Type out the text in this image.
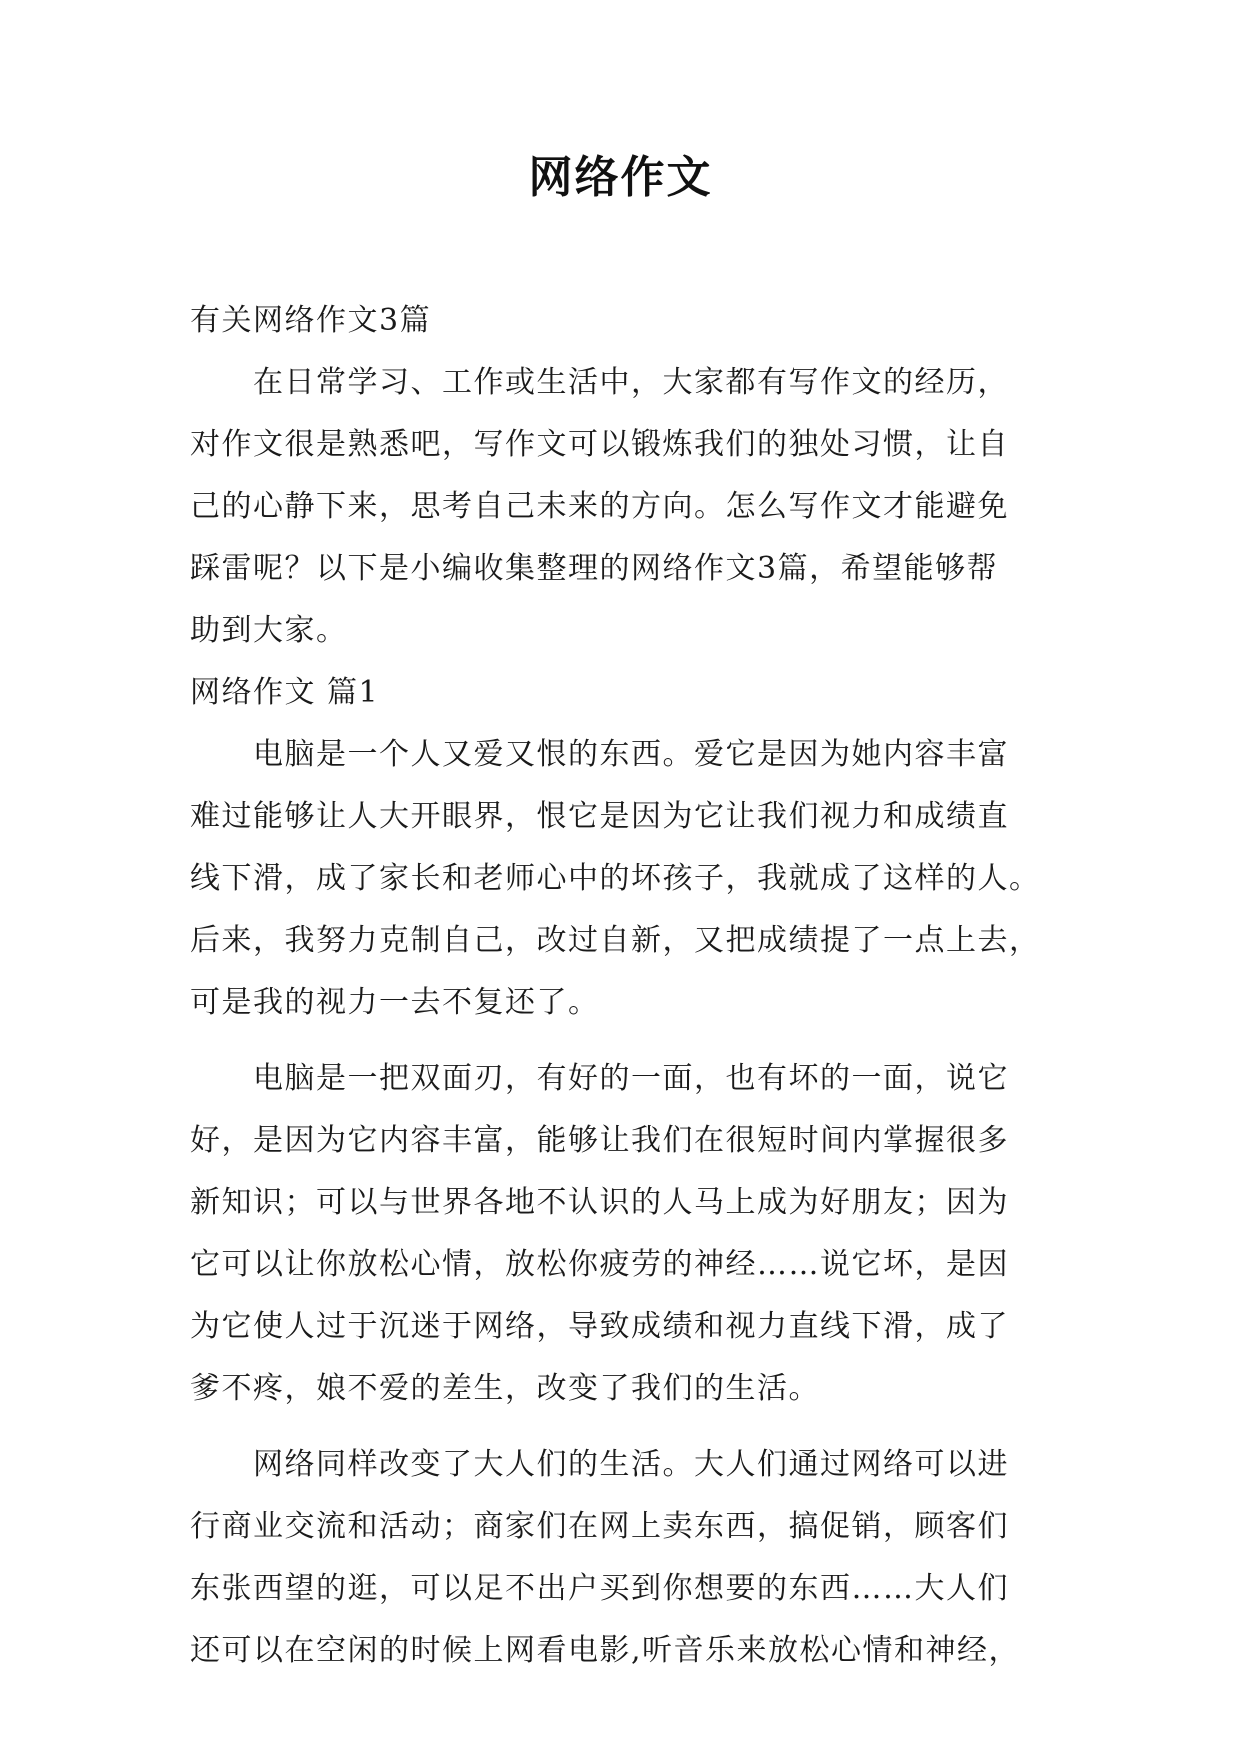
网络作文
有关网络作文3篇
　　在日常学习、工作或生活中，大家都有写作文的经历，
对作文很是熟悉吧，写作文可以锻炼我们的独处习惯，让自
己的心静下来，思考自己未来的方向。怎么写作文才能避免
踩雷呢？以下是小编收集整理的网络作文3篇，希望能够帮
助到大家。
网络作文 篇1
　　电脑是一个人又爱又恨的东西。爱它是因为她内容丰富
难过能够让人大开眼界，恨它是因为它让我们视力和成绩直
线下滑，成了家长和老师心中的坏孩子，我就成了这样的人。
后来，我努力克制自己，改过自新，又把成绩提了一点上去，
可是我的视力一去不复还了。
　　电脑是一把双面刃，有好的一面，也有坏的一面，说它
好，是因为它内容丰富，能够让我们在很短时间内掌握很多
新知识；可以与世界各地不认识的人马上成为好朋友；因为
它可以让你放松心情，放松你疲劳的神经……说它坏，是因
为它使人过于沉迷于网络，导致成绩和视力直线下滑，成了
爹不疼，娘不爱的差生，改变了我们的生活。
　　网络同样改变了大人们的生活。大人们通过网络可以进
行商业交流和活动；商家们在网上卖东西，搞促销，顾客们
东张西望的逛，可以足不出户买到你想要的东西……大人们
还可以在空闲的时候上网看电影,听音乐来放松心情和神经，
